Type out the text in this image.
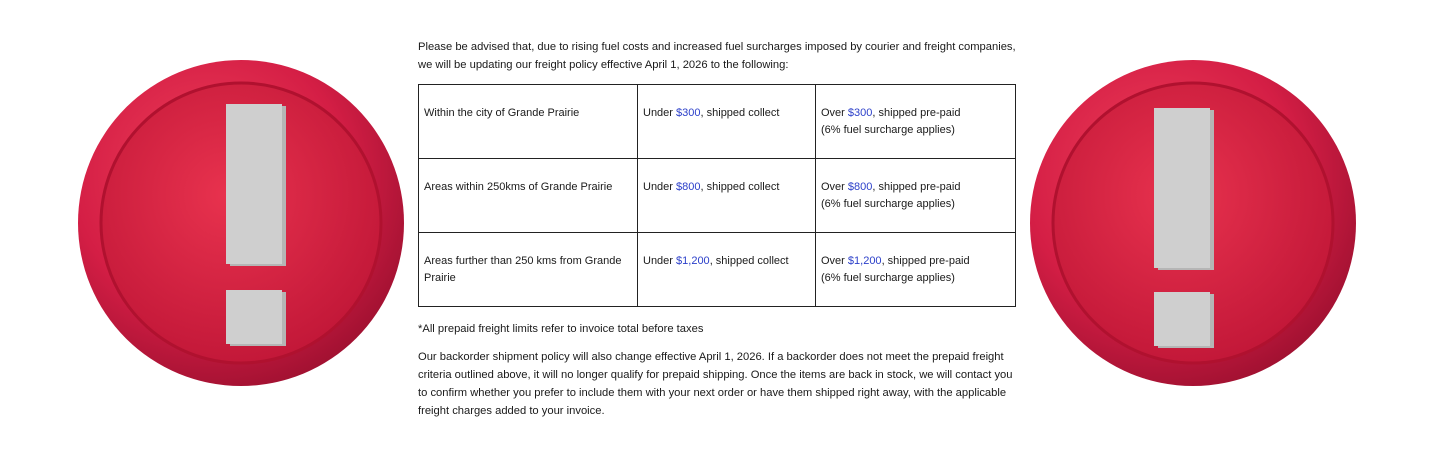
Please be advised that, due to rising fuel costs and increased fuel surcharges imposed by courier and freight companies, we will be updating our freight policy effective April 1, 2026 to the following:

Within the city of Grande Prairie	Under $300, shipped collect	Over $300, shipped pre-paid
(6% fuel surcharge applies)
Areas within 250kms of Grande Prairie	Under $800, shipped collect	Over $800, shipped pre-paid
(6% fuel surcharge applies)
Areas further than 250 kms from Grande Prairie	Under $1,200, shipped collect	Over $1,200, shipped pre-paid
(6% fuel surcharge applies)

*All prepaid freight limits refer to invoice total before taxes

Our backorder shipment policy will also change effective April 1, 2026. If a backorder does not meet the prepaid freight criteria outlined above, it will no longer qualify for prepaid shipping. Once the items are back in stock, we will contact you to confirm whether you prefer to include them with your next order or have them shipped right away, with the applicable freight charges added to your invoice.
